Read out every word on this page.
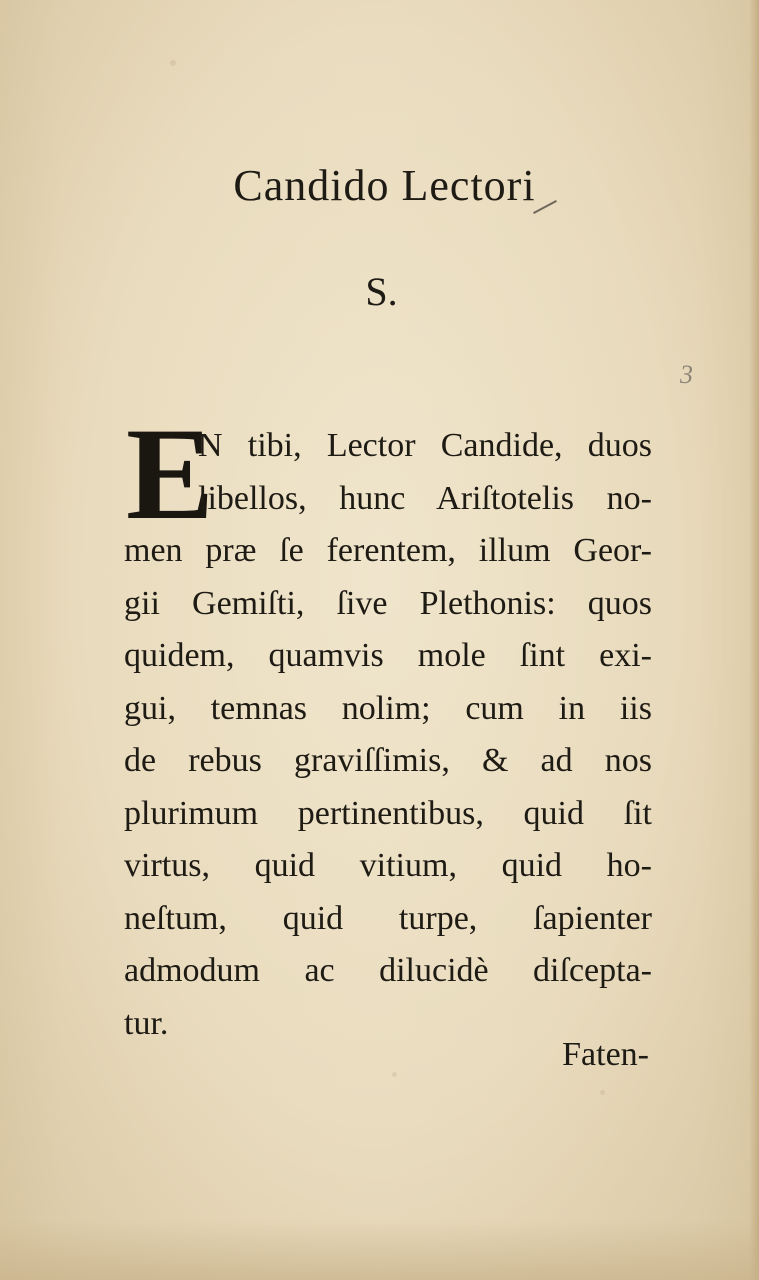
Candido Lectori
S.
3
E
N tibi, Lector Candide, duos
libellos, hunc Ariſtotelis no-
men præ ſe ferentem, illum Geor-
gii Gemiſti, ſive Plethonis: quos
quidem, quamvis mole ſint exi-
gui, temnas nolim; cum in iis
de rebus graviſſimis, & ad nos
plurimum pertinentibus, quid ſit
virtus, quid vitium, quid ho-
neſtum, quid turpe, ſapienter
admodum ac dilucidè diſcepta-
tur.
Faten-
